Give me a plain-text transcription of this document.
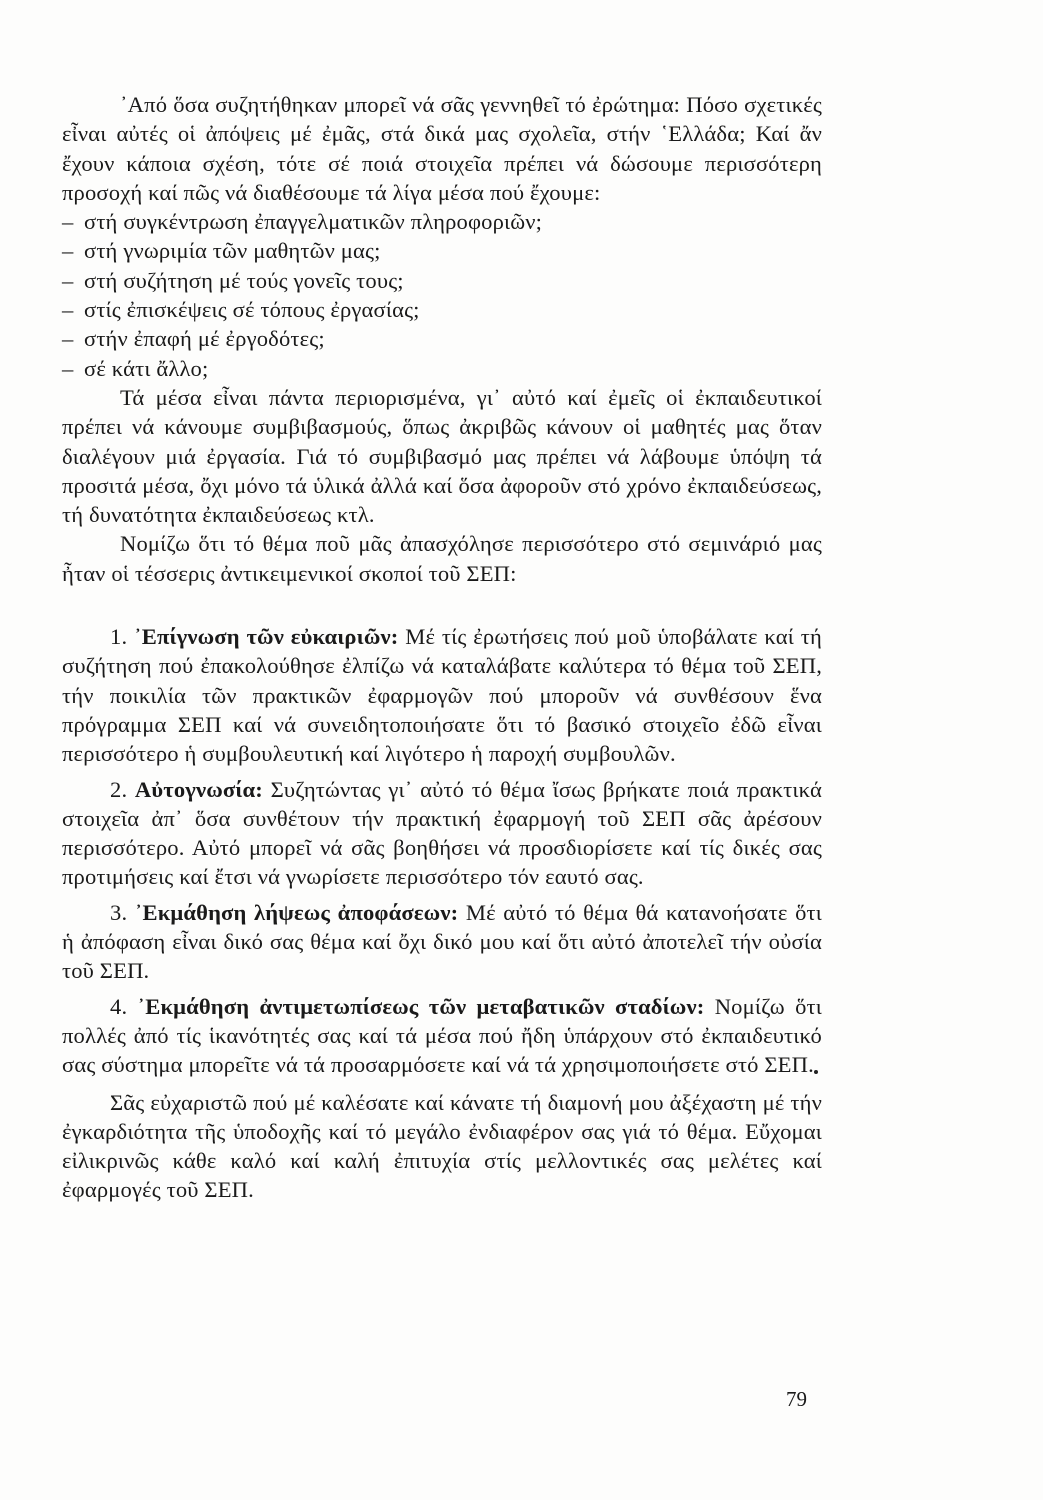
᾿Από ὅσα συζητήθηκαν μπορεῖ νά σᾶς γεννηθεῖ τό ἐρώτημα: Πόσο σχετικές εἶναι αὐτές οἱ ἀπόψεις μέ ἐμᾶς, στά δικά μας σχολεῖα, στήν ῾Ελλάδα; Καί ἄν ἔχουν κάποια σχέση, τότε σέ ποιά στοιχεῖα πρέπει νά δώσουμε περισσότερη προσοχή καί πῶς νά διαθέσουμε τά λίγα μέσα πού ἔχουμε:

– στή συγκέντρωση ἐπαγγελματικῶν πληροφοριῶν;

– στή γνωριμία τῶν μαθητῶν μας;

– στή συζήτηση μέ τούς γονεῖς τους;

– στίς ἐπισκέψεις σέ τόπους ἐργασίας;

– στήν ἐπαφή μέ ἐργοδότες;

– σέ κάτι ἄλλο;

Τά μέσα εἶναι πάντα περιορισμένα, γι᾿ αὐτό καί ἐμεῖς οἱ ἐκπαιδευτικοί πρέπει νά κάνουμε συμβιβασμούς, ὅπως ἀκριβῶς κάνουν οἱ μαθητές μας ὅταν διαλέγουν μιά ἐργασία. Γιά τό συμβιβασμό μας πρέπει νά λάβουμε ὑπόψη τά προσιτά μέσα, ὄχι μόνο τά ὑλικά ἀλλά καί ὅσα ἀφοροῦν στό χρόνο ἐκπαιδεύσεως, τή δυνατότητα ἐκπαιδεύσεως κτλ.

Νομίζω ὅτι τό θέμα ποῦ μᾶς ἀπασχόλησε περισσότερο στό σεμινάριό μας ἦταν οἱ τέσσερις ἀντικειμενικοί σκοποί τοῦ ΣΕΠ:

1. ᾿Επίγνωση τῶν εὐκαιριῶν: Μέ τίς ἐρωτήσεις πού μοῦ ὑποβάλατε καί τή συζήτηση πού ἐπακολούθησε ἐλπίζω νά καταλάβατε καλύτερα τό θέμα τοῦ ΣΕΠ, τήν ποικιλία τῶν πρακτικῶν ἐφαρμογῶν πού μποροῦν νά συνθέσουν ἕνα πρόγραμμα ΣΕΠ καί νά συνειδητοποιήσατε ὅτι τό βασικό στοιχεῖο ἐδῶ εἶναι περισσότερο ἡ συμβουλευτική καί λιγότερο ἡ παροχή συμβουλῶν.

2. Αὐτογνωσία: Συζητώντας γι᾿ αὐτό τό θέμα ἴσως βρήκατε ποιά πρακτικά στοιχεῖα ἀπ᾿ ὅσα συνθέτουν τήν πρακτική ἐφαρμογή τοῦ ΣΕΠ σᾶς ἀρέσουν περισσότερο. Αὐτό μπορεῖ νά σᾶς βοηθήσει νά προσδιορίσετε καί τίς δικές σας προτιμήσεις καί ἔτσι νά γνωρίσετε περισσότερο τόν εαυτό σας.

3. ᾿Εκμάθηση λήψεως ἀποφάσεων: Μέ αὐτό τό θέμα θά κατανοήσατε ὅτι ἡ ἀπόφαση εἶναι δικό σας θέμα καί ὄχι δικό μου καί ὅτι αὐτό ἀποτελεῖ τήν οὐσία τοῦ ΣΕΠ.

4. ᾿Εκμάθηση ἀντιμετωπίσεως τῶν μεταβατικῶν σταδίων: Νομίζω ὅτι πολλές ἀπό τίς ἱκανότητές σας καί τά μέσα πού ἤδη ὑπάρχουν στό ἐκπαιδευτικό σας σύστημα μπορεῖτε νά τά προσαρμόσετε καί νά τά χρησιμοποιήσετε στό ΣΕΠ.

Σᾶς εὐχαριστῶ πού μέ καλέσατε καί κάνατε τή διαμονή μου ἀξέχαστη μέ τήν ἐγκαρδιότητα τῆς ὑποδοχῆς καί τό μεγάλο ἐνδιαφέρον σας γιά τό θέμα. Εὔχομαι εἰλικρινῶς κάθε καλό καί καλή ἐπιτυχία στίς μελλοντικές σας μελέτες καί ἐφαρμογές τοῦ ΣΕΠ.

79
